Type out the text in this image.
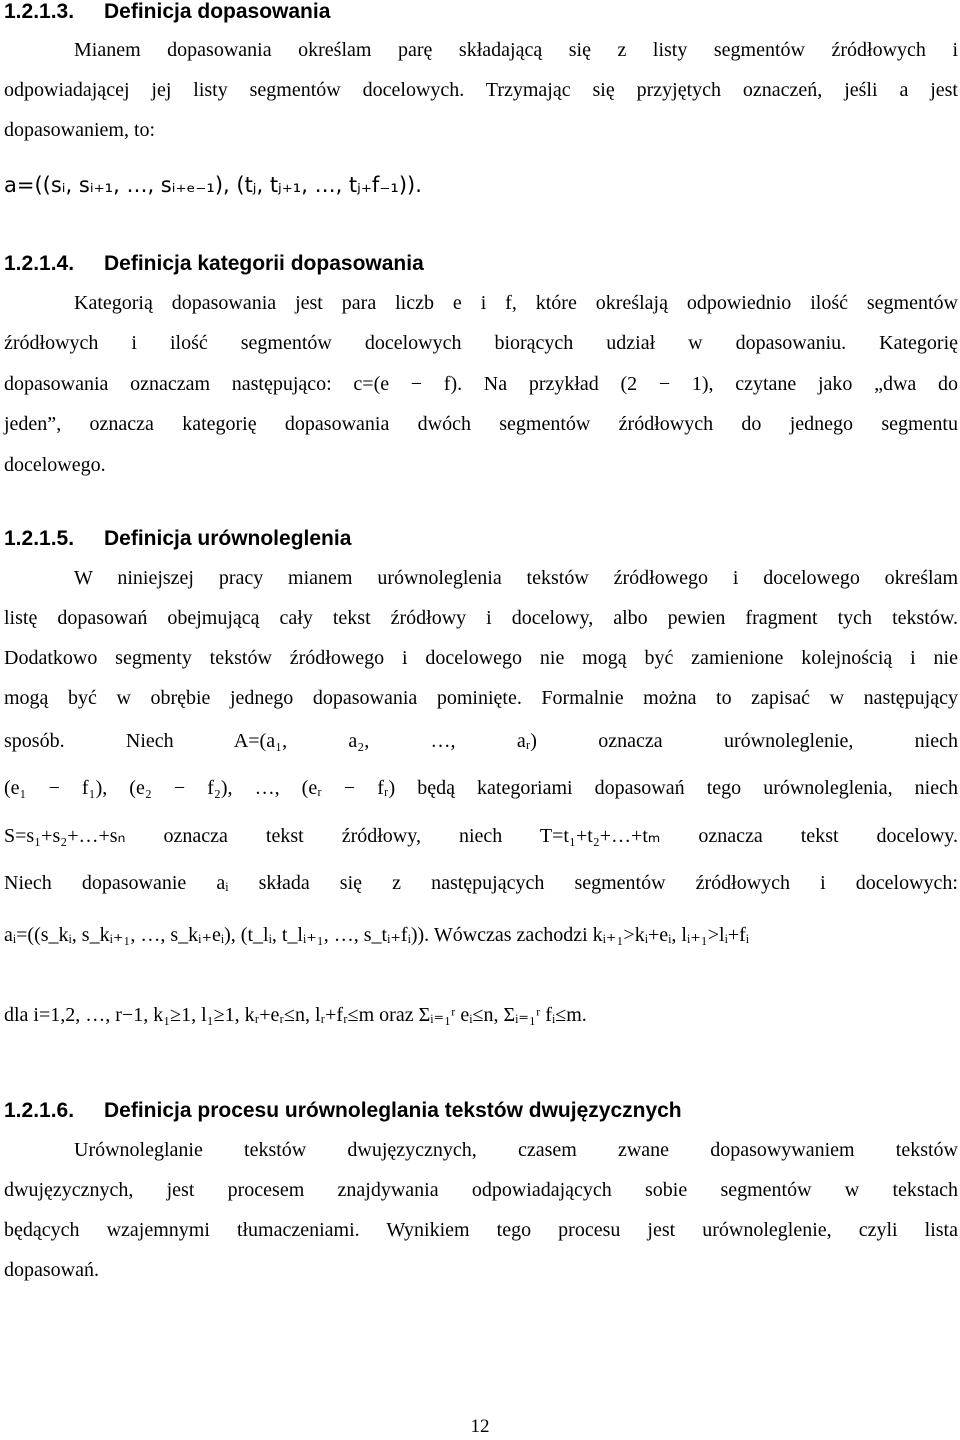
1.2.1.3. Definicja dopasowania
Mianem dopasowania określam parę składającą się z listy segmentów źródłowych i
odpowiadającej jej listy segmentów docelowych. Trzymając się przyjętych oznaczeń, jeśli a jest
dopasowaniem, to:
a=((sᵢ, sᵢ₊₁, …, sᵢ₊ₑ₋₁), (tⱼ, tⱼ₊₁, …, tⱼ₊f₋₁)).
1.2.1.4. Definicja kategorii dopasowania
Kategorią dopasowania jest para liczb e i f, które określają odpowiednio ilość segmentów
źródłowych i ilość segmentów docelowych biorących udział w dopasowaniu. Kategorię
dopasowania oznaczam następująco: c=(e − f). Na przykład (2 − 1), czytane jako „dwa do
jeden”, oznacza kategorię dopasowania dwóch segmentów źródłowych do jednego segmentu
docelowego.
1.2.1.5. Definicja urównoleglenia
W niniejszej pracy mianem urównoleglenia tekstów źródłowego i docelowego określam
listę dopasowań obejmującą cały tekst źródłowy i docelowy, albo pewien fragment tych tekstów.
Dodatkowo segmenty tekstów źródłowego i docelowego nie mogą być zamienione kolejnością i nie
mogą być w obrębie jednego dopasowania pominięte. Formalnie można to zapisać w następujący
sposób. Niech A=(a₁, a₂, …, aᵣ) oznacza urównoleglenie, niech
(e₁ − f₁), (e₂ − f₂), …, (eᵣ − fᵣ) będą kategoriami dopasowań tego urównoleglenia, niech
S=s₁+s₂+…+sₙ oznacza tekst źródłowy, niech T=t₁+t₂+…+tₘ oznacza tekst docelowy.
Niech dopasowanie aᵢ składa się z następujących segmentów źródłowych i docelowych:
aᵢ=((s_kᵢ, s_kᵢ₊₁, …, s_kᵢ₊eᵢ), (t_lᵢ, t_lᵢ₊₁, …, s_tᵢ₊fᵢ)). Wówczas zachodzi kᵢ₊₁>kᵢ+eᵢ, lᵢ₊₁>lᵢ+fᵢ
dla i=1,2, …, r−1, k₁≥1, l₁≥1, kᵣ+eᵣ≤n, lᵣ+fᵣ≤m oraz Σᵢ₌₁ʳ eᵢ≤n, Σᵢ₌₁ʳ fᵢ≤m.
1.2.1.6. Definicja procesu urównoleglania tekstów dwujęzycznych
Urównoleglanie tekstów dwujęzycznych, czasem zwane dopasowywaniem tekstów
dwujęzycznych, jest procesem znajdywania odpowiadających sobie segmentów w tekstach
będących wzajemnymi tłumaczeniami. Wynikiem tego procesu jest urównoleglenie, czyli lista
dopasowań.
12
